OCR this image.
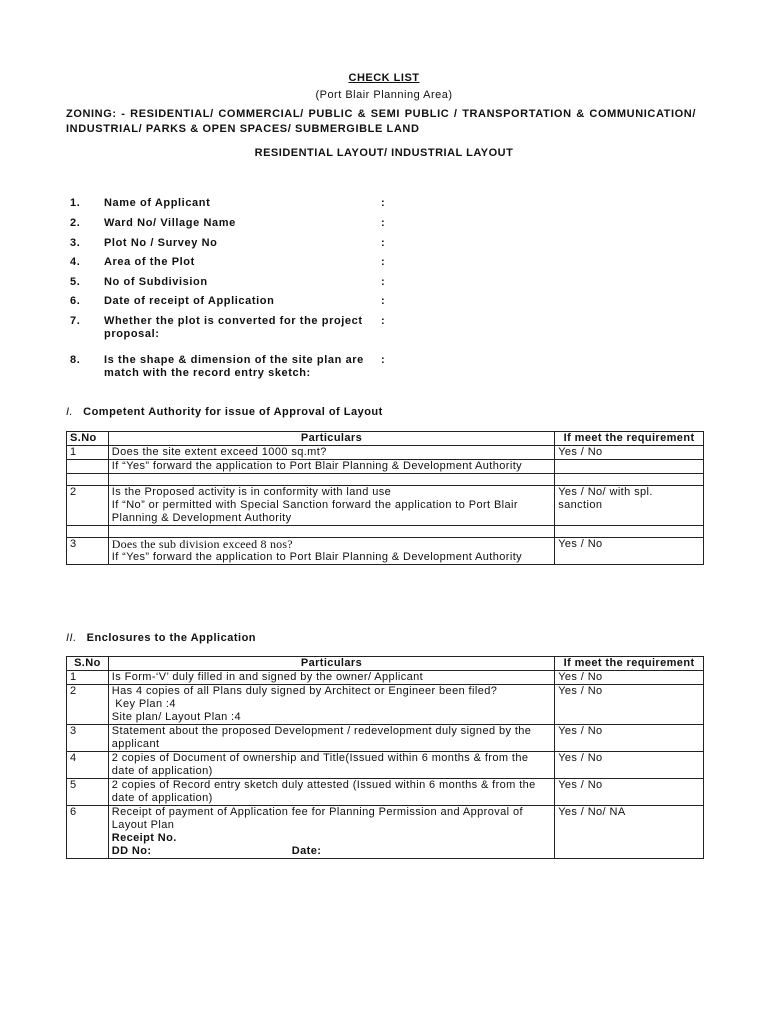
CHECK LIST
(Port Blair Planning Area)
ZONING: - RESIDENTIAL/ COMMERCIAL/ PUBLIC & SEMI PUBLIC / TRANSPORTATION & COMMUNICATION/ INDUSTRIAL/ PARKS & OPEN SPACES/ SUBMERGIBLE LAND
RESIDENTIAL LAYOUT/ INDUSTRIAL LAYOUT
1.	Name of Applicant	:
2.	Ward No/ Village Name	:
3.	Plot No / Survey No	:
4.	Area of the Plot	:
5.	No of Subdivision	:
6.	Date of receipt of Application	:
7.	Whether the plot is converted for the project proposal:
:
8.	Is the shape & dimension of the site plan are match with the record entry sketch:
:
I. Competent Authority for issue of Approval of Layout
S.No	Particulars	If meet the requirement
1	Does the site extent exceed 1000 sq.mt?	Yes / No
	If “Yes” forward the application to Port Blair Planning & Development Authority	

2	Is the Proposed activity is in conformity with land use
If “No” or permitted with Special Sanction forward the application to Port Blair Planning & Development Authority	Yes / No/ with spl. sanction

3	Does the sub division exceed 8 nos?
If “Yes” forward the application to Port Blair Planning & Development Authority	Yes / No
II. Enclosures to the Application
S.No	Particulars	If meet the requirement
1	Is Form-‘V’ duly filled in and signed by the owner/ Applicant	Yes / No
2	Has 4 copies of all Plans duly signed by Architect or Engineer been filed?
Key Plan :4
Site plan/ Layout Plan :4	Yes / No
3	Statement about the proposed Development / redevelopment duly signed by the applicant	Yes / No
4	2 copies of Document of ownership and Title(Issued within 6 months & from the date of application)	Yes / No
5	2 copies of Record entry sketch duly attested (Issued within 6 months & from the date of application)	Yes / No
6	Receipt of payment of Application fee for Planning Permission and Approval of Layout Plan
Receipt No.
DD No: Date:	Yes / No/ NA
